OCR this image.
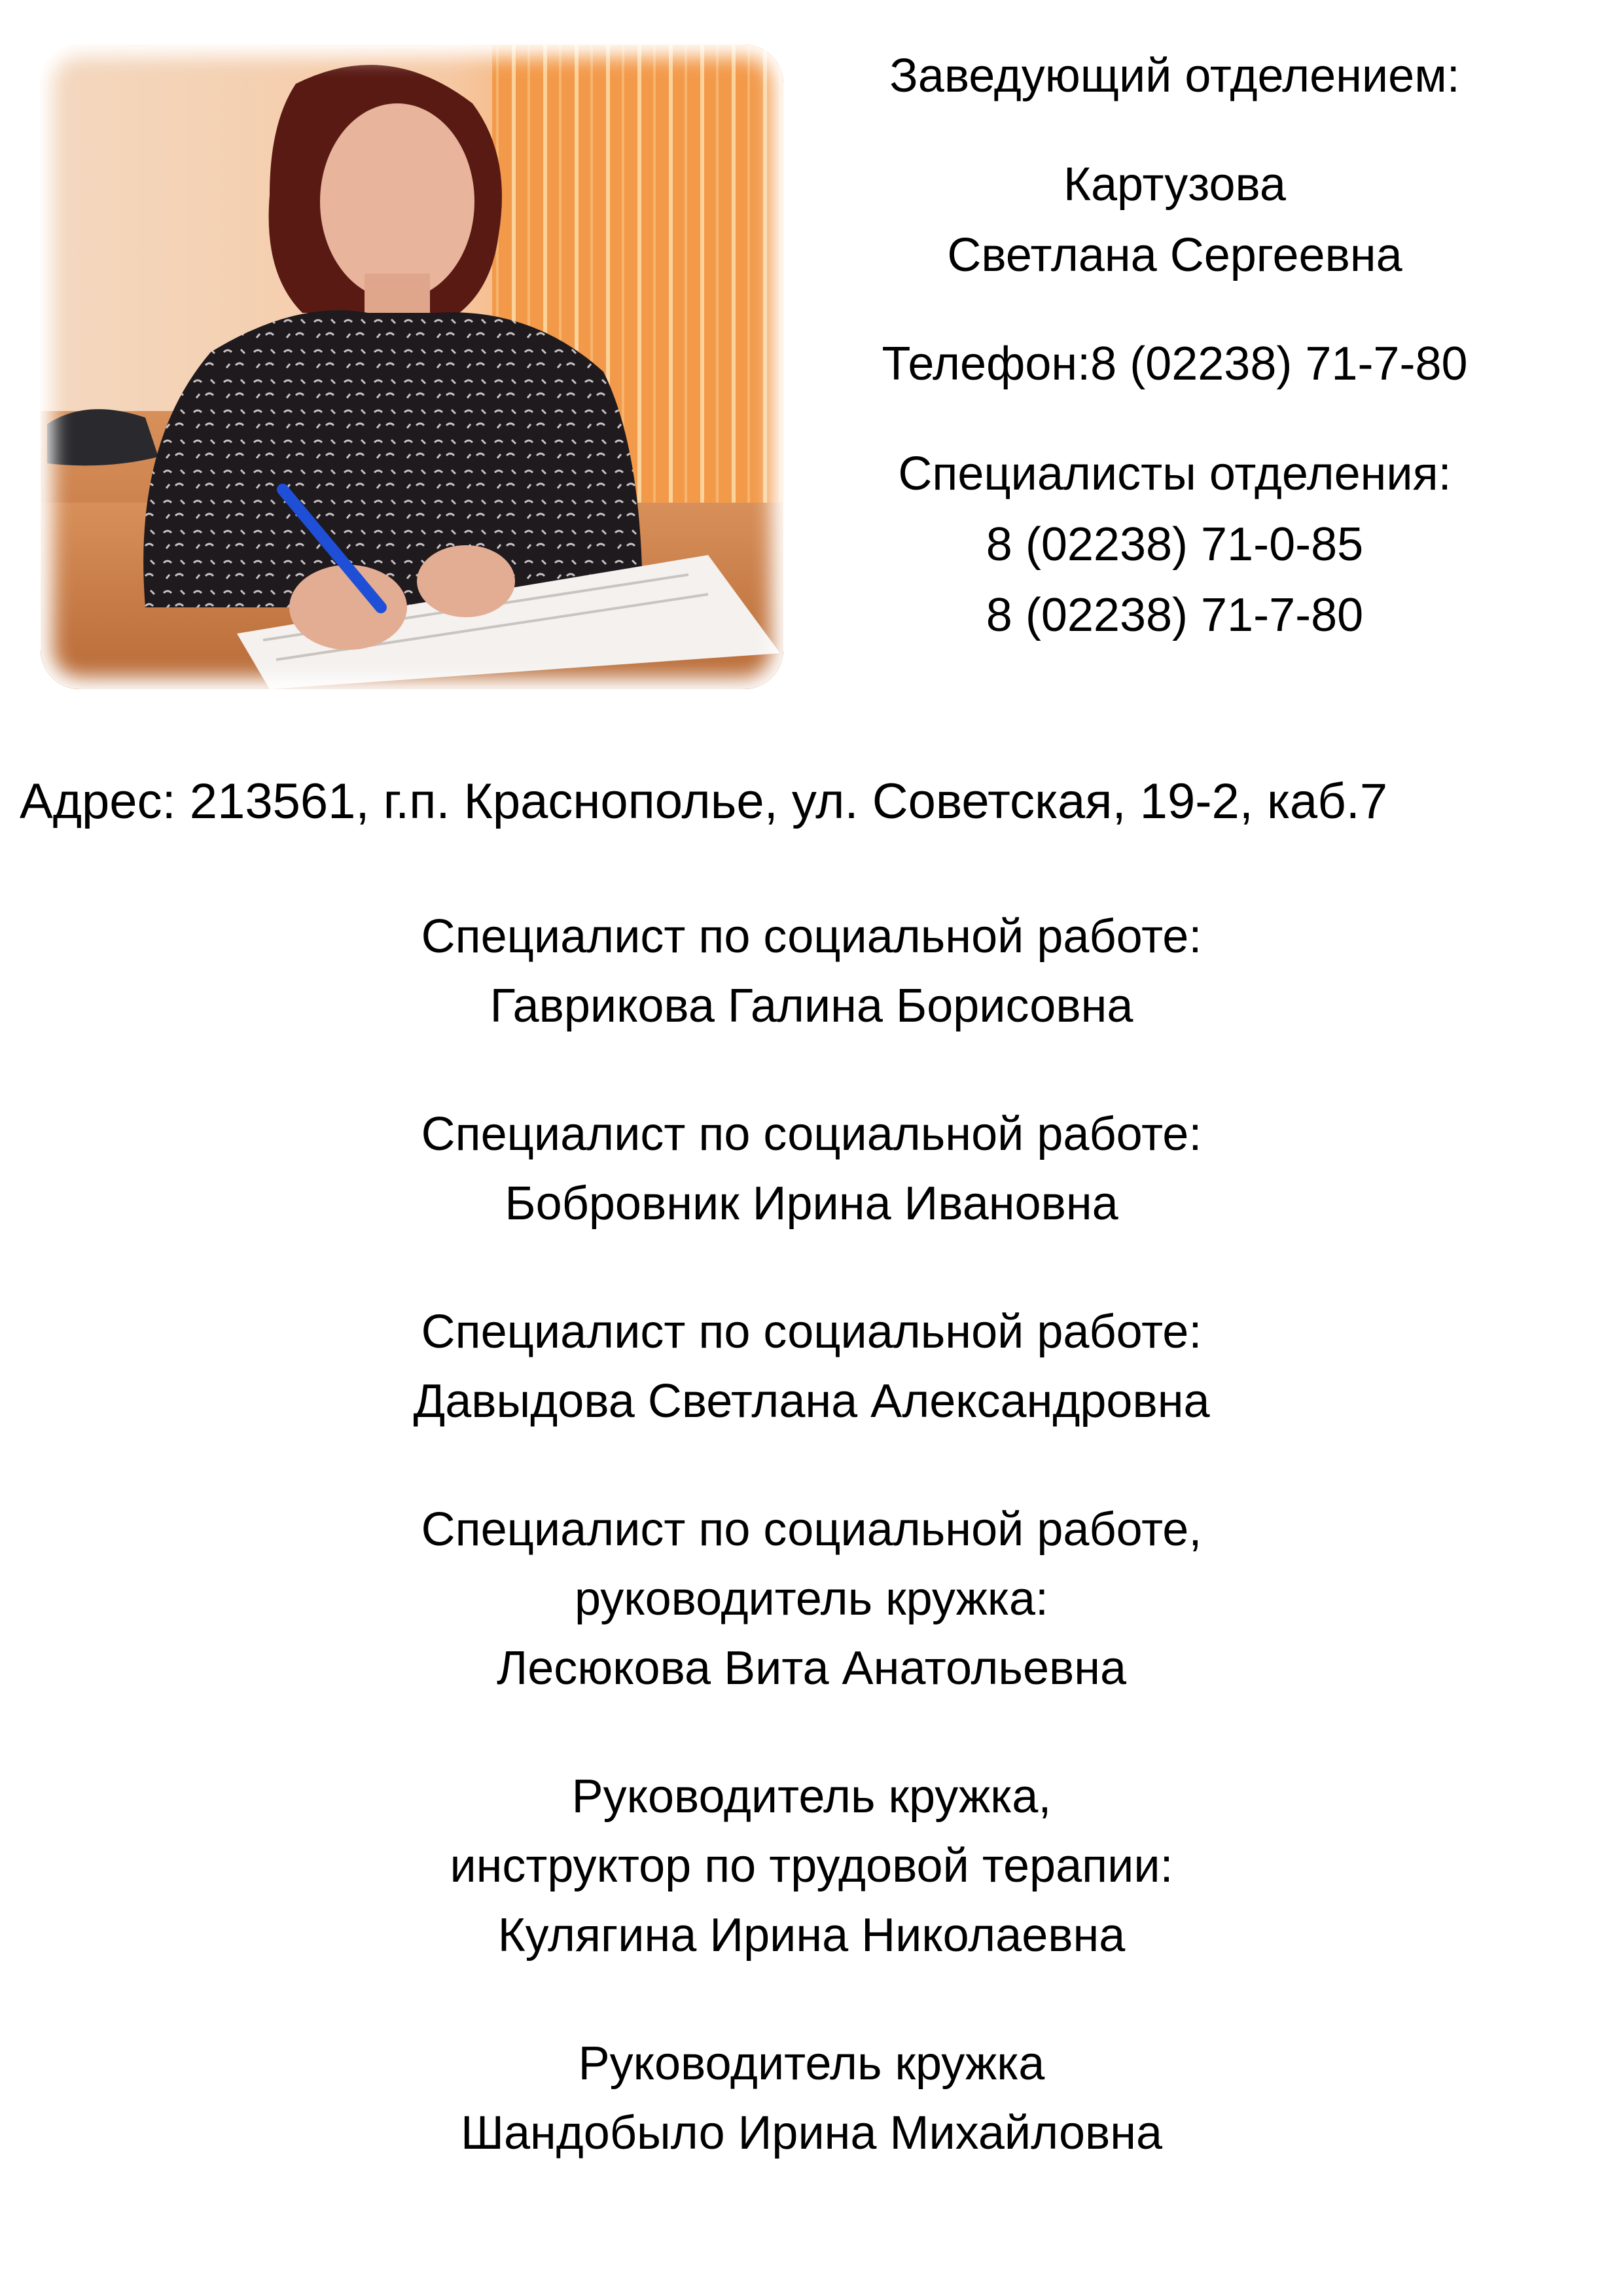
Заведующий отделением:
Картузова
Светлана Сергеевна
Телефон:8 (02238) 71-7-80
Специалисты отделения:
8 (02238) 71-0-85
8 (02238) 71-7-80
Адрес: 213561, г.п. Краснополье, ул. Советская, 19-2, каб.7
Специалист по социальной работе:
Гаврикова Галина Борисовна
Специалист по социальной работе:
Бобровник Ирина Ивановна
Специалист по социальной работе:
Давыдова Светлана Александровна
Специалист по социальной работе,
руководитель кружка:
Лесюкова Вита Анатольевна
Руководитель кружка,
инструктор по трудовой терапии:
Кулягина Ирина Николаевна
Руководитель кружка
Шандобыло Ирина Михайловна
